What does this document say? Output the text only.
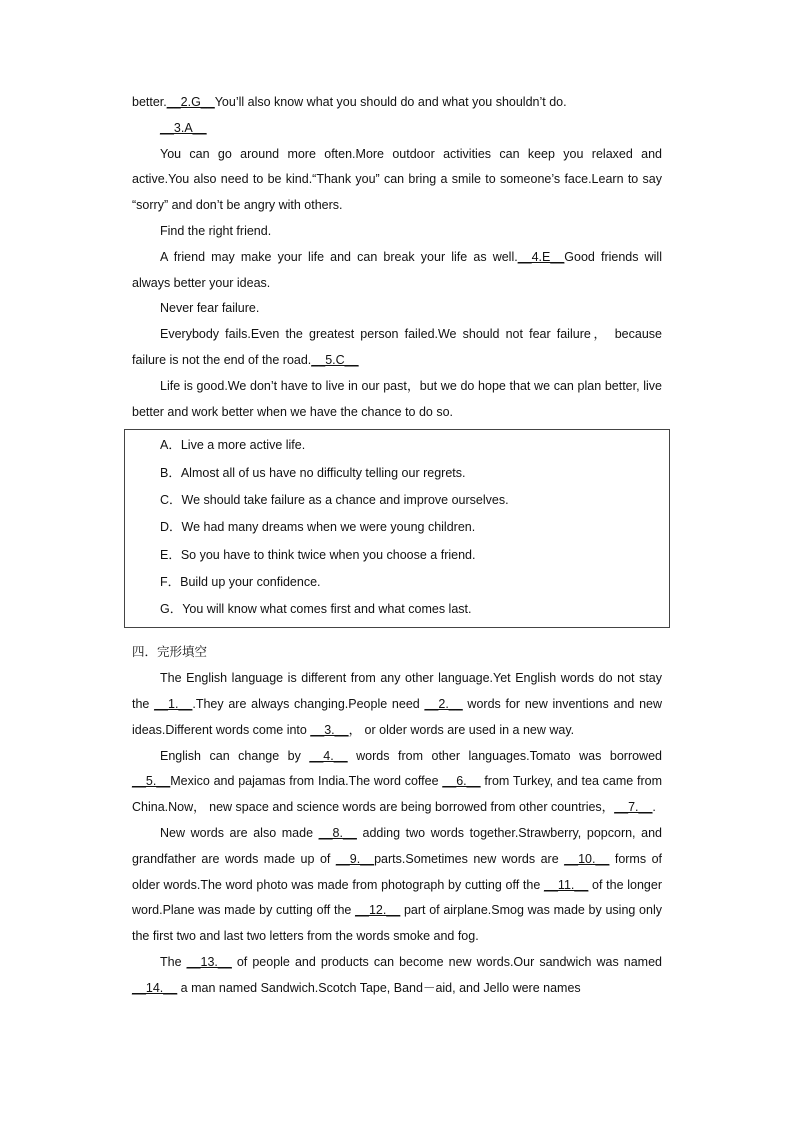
better.__2.G__You’ll also know what you should do and what you shouldn’t do.

__3.A__

You can go around more often.More outdoor activities can keep you relaxed and active.You also need to be kind.“Thank you” can bring a smile to someone’s face.Learn to say “sorry” and don’t be angry with others.

Find the right friend.

A friend may make your life and can break your life as well.__4.E__Good friends will always better your ideas.

Never fear failure.

Everybody fails.Even the greatest person failed.We should not fear failure， because failure is not the end of the road.__5.C__

Life is good.We don’t have to live in our past，but we do hope that we can plan better, live better and work better when we have the chance to do so.

A．Live a more active life.

B．Almost all of us have no difficulty telling our regrets.

C．We should take failure as a chance and improve ourselves.

D．We had many dreams when we were young children.

E．So you have to think twice when you choose a friend.

F．Build up your confidence.

G．You will know what comes first and what comes last.

四．完形填空

The English language is different from any other language.Yet English words do not stay the __1.__.They are always changing.People need __2.__ words for new inventions and new ideas.Different words come into __3.__， or older words are used in a new way.

English can change by __4.__ words from other languages.Tomato was borrowed __5.__Mexico and pajamas from India.The word coffee __6.__ from Turkey, and tea came from China.Now， new space and science words are being borrowed from other countries，__7.__.

New words are also made __8.__ adding two words together.Strawberry, popcorn, and grandfather are words made up of __9.__parts.Sometimes new words are __10.__ forms of older words.The word photo was made from photograph by cutting off the __11.__ of the longer word.Plane was made by cutting off the __12.__ part of airplane.Smog was made by using only the first two and last two letters from the words smoke and fog.

The __13.__ of people and products can become new words.Our sandwich was named __14.__ a man named Sandwich.Scotch Tape, Band－aid, and Jello were names
